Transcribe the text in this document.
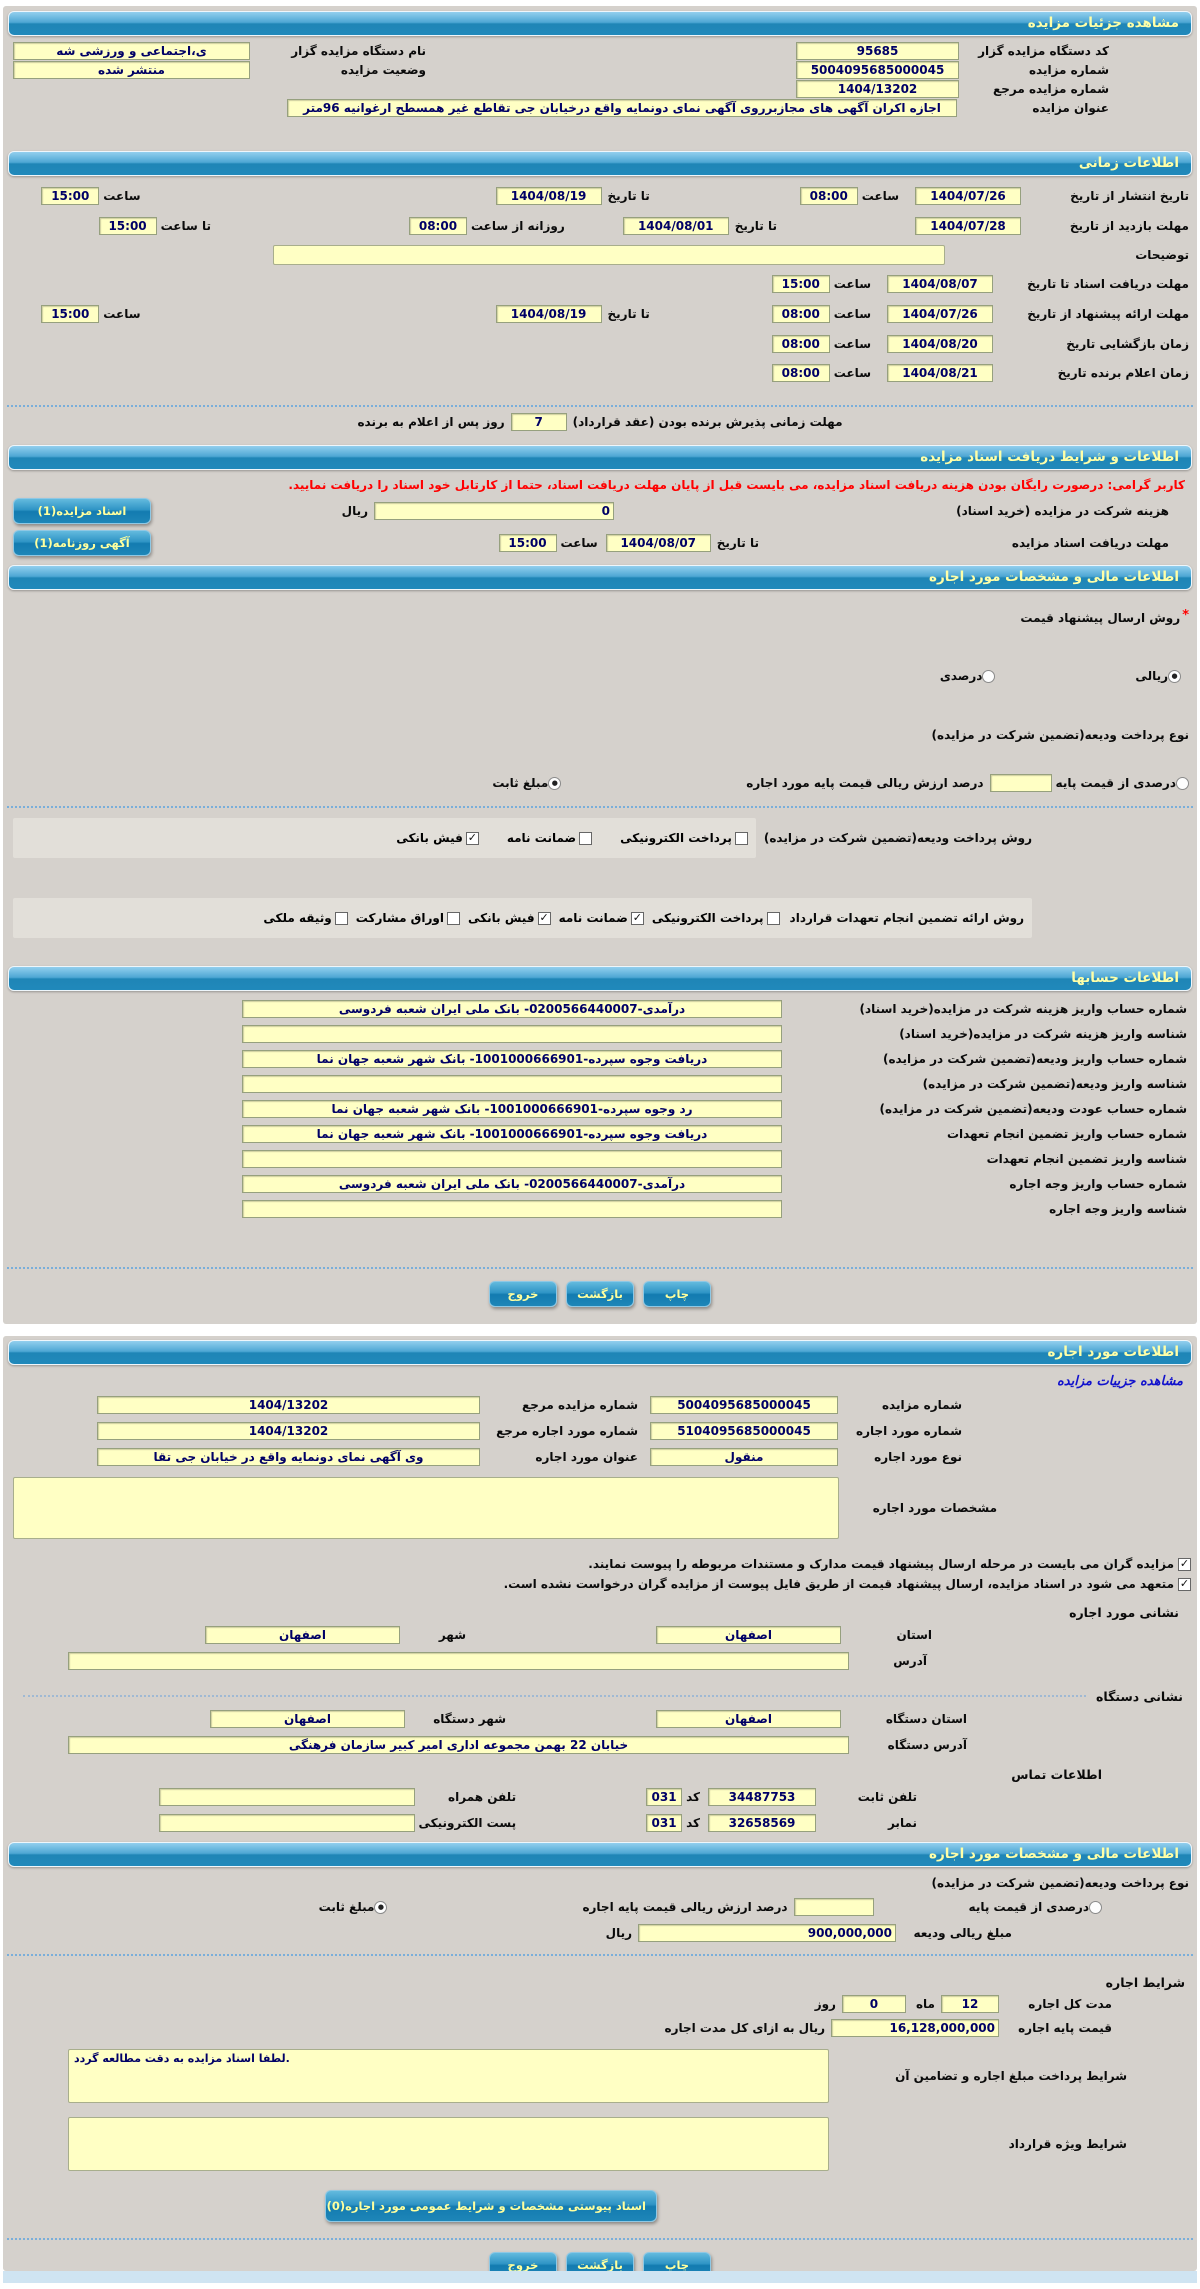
مشاهده جزئیات مزایده
کد دستگاه مزایده گزار
95685
نام دستگاه مزایده گزار
ی،اجتماعی و ورزشی شه
شماره مزایده
5004095685000045
وضعیت مزایده
منتشر شده
شماره مزایده مرجع
1404/13202
عنوان مزایده
اجازه اکران آگهی های مجازبرروی آگهی نمای دونمایه واقع درخیابان جی تقاطع غیر همسطح ارغوانیه 96متر
اطلاعات زمانی
تاریخ انتشار از تاریخ
1404/07/26
ساعت
08:00
تا تاریخ
1404/08/19
ساعت
15:00
مهلت بازدید از تاریخ
1404/07/28
تا تاریخ
1404/08/01
روزانه از ساعت
08:00
تا ساعت
15:00
توضیحات
مهلت دریافت اسناد تا تاریخ
1404/08/07
ساعت
15:00
مهلت ارائه پیشنهاد از تاریخ
1404/07/26
ساعت
08:00
تا تاریخ
1404/08/19
ساعت
15:00
زمان بازگشایی تاریخ
1404/08/20
ساعت
08:00
زمان اعلام برنده تاریخ
1404/08/21
ساعت
08:00
مهلت زمانی پذیرش برنده بودن (عقد قرارداد)
7
روز پس از اعلام به برنده
اطلاعات و شرایط دریافت اسناد مزایده
کاربر گرامی: درصورت رایگان بودن هزینه دریافت اسناد مزایده، می بایست قبل از پایان مهلت دریافت اسناد، حتما از کارتابل خود اسناد را دریافت نمایید.
هزینه شرکت در مزایده (خرید اسناد)
0
ریال
اسناد مزایده(1)
مهلت دریافت اسناد مزایده
تا تاریخ
1404/08/07
ساعت
15:00
آگهی روزنامه(1)
اطلاعات مالی و مشخصات مورد اجاره
*
روش ارسال پیشنهاد قیمت
●
ریالی
درصدی
نوع پرداخت ودیعه(تضمین شرکت در مزایده)
درصدی از قیمت پایه
درصد ارزش ریالی قیمت پایه مورد اجاره
●
مبلغ ثابت
روش پرداخت ودیعه(تضمین شرکت در مزایده)
پرداخت الکترونیکی
ضمانت نامه
✓
فیش بانکی
روش ارائه تضمین انجام تعهدات قرارداد
پرداخت الکترونیکی
✓
ضمانت نامه
✓
فیش بانکی
اوراق مشارکت
وثیقه ملکی
اطلاعات حسابها
شماره حساب واریز هزینه شرکت در مزایده(خرید اسناد)
درآمدی-0200566440007- بانک ملی ایران شعبه فردوسی
شناسه واریز هزینه شرکت در مزایده(خرید اسناد)
شماره حساب واریز ودیعه(تضمین شرکت در مزایده)
دریافت وجوه سپرده-1001000666901- بانک شهر شعبه جهان نما
شناسه واریز ودیعه(تضمین شرکت در مزایده)
شماره حساب عودت ودیعه(تضمین شرکت در مزایده)
رد وجوه سپرده-1001000666901- بانک شهر شعبه جهان نما
شماره حساب واریز تضمین انجام تعهدات
دریافت وجوه سپرده-1001000666901- بانک شهر شعبه جهان نما
شناسه واریز تضمین انجام تعهدات
شماره حساب واریز وجه اجاره
درآمدی-0200566440007- بانک ملی ایران شعبه فردوسی
شناسه واریز وجه اجاره
چاپ
بازگشت
خروج
اطلاعات مورد اجاره
مشاهده جزییات مزایده
شماره مزایده
5004095685000045
شماره مزایده مرجع
1404/13202
شماره مورد اجاره
5104095685000045
شماره مورد اجاره مرجع
1404/13202
نوع مورد اجاره
منقول
عنوان مورد اجاره
وی آگهی نمای دونمایه واقع در خیابان جی تقا
مشخصات مورد اجاره
✓
مزایده گران می بایست در مرحله ارسال پیشنهاد قیمت مدارک و مستندات مربوطه را پیوست نمایند.
✓
متعهد می شود در اسناد مزایده، ارسال پیشنهاد قیمت از طریق فایل پیوست از مزایده گران درخواست نشده است.
نشانی مورد اجاره
استان
اصفهان
شهر
اصفهان
آدرس
نشانی دستگاه
استان دستگاه
اصفهان
شهر دستگاه
اصفهان
آدرس دستگاه
خیابان 22 بهمن مجموعه اداری امیر کبیر سازمان فرهنگی
اطلاعات تماس
تلفن ثابت
34487753
کد
031
تلفن همراه
نمابر
32658569
کد
031
پست الکترونیکی
اطلاعات مالی و مشخصات مورد اجاره
نوع پرداخت ودیعه(تضمین شرکت در مزایده)
درصدی از قیمت پایه
درصد ارزش ریالی قیمت پایه اجاره
●
مبلغ ثابت
مبلغ ریالی ودیعه
900,000,000
ریال
شرایط اجاره
مدت کل اجاره
12
ماه
0
روز
قیمت پایه اجاره
16,128,000,000
ریال به ازای کل مدت اجاره
شرایط پرداخت مبلغ اجاره و تضامین آن
لطفا اسناد مزایده به دقت مطالعه گردد.
شرایط ویژه قرارداد
اسناد پیوستی مشخصات و شرایط عمومی مورد اجاره(0)
چاپ
بازگشت
خروج
